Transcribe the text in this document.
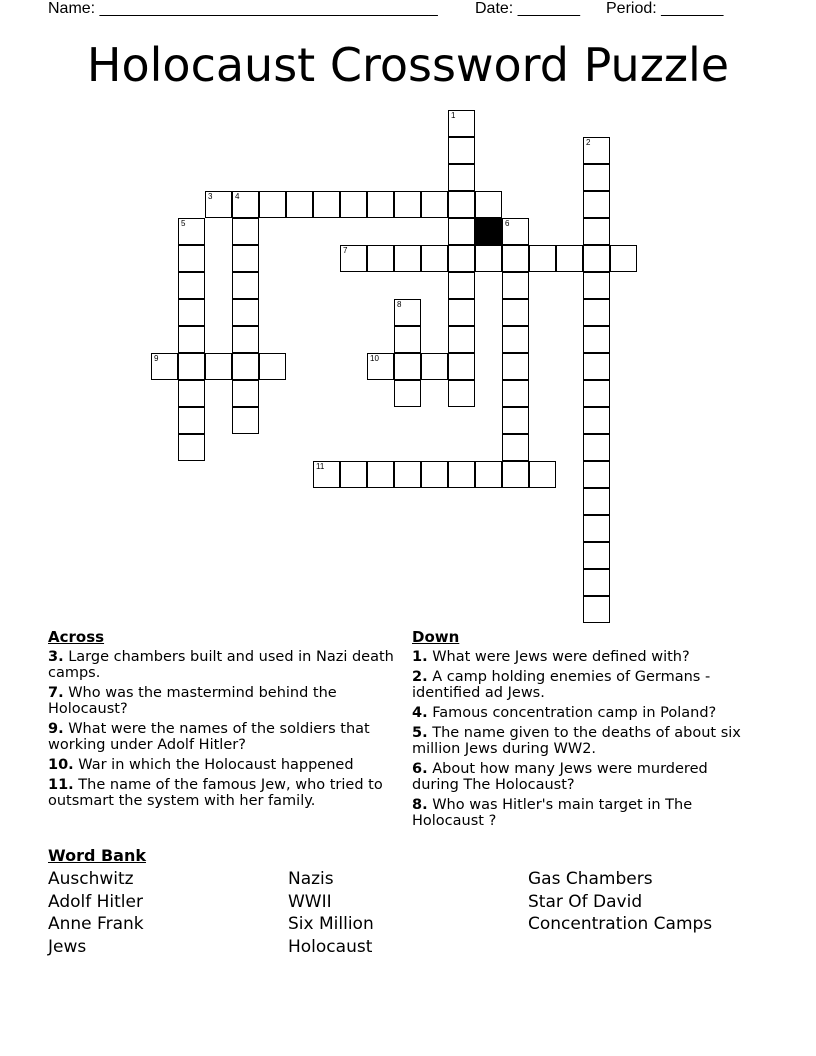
Name: ______________________________________ Date: _______ Period: _______
Holocaust Crossword Puzzle
1
2
3	4
5	6
7
8
9	10
11
Across
3. Large chambers built and used in Nazi death camps.
7. Who was the mastermind behind the Holocaust?
9. What were the names of the soldiers that working under Adolf Hitler?
10. War in which the Holocaust happened
11. The name of the famous Jew, who tried to outsmart the system with her family.
Down
1. What were Jews were defined with?
2. A camp holding enemies of Germans - identified ad Jews.
4. Famous concentration camp in Poland?
5. The name given to the deaths of about six million Jews during WW2.
6. About how many Jews were murdered during The Holocaust?
8. Who was Hitler's main target in The Holocaust ?
Word Bank
Auschwitz
Adolf Hitler
Anne Frank
Jews
Nazis
WWII
Six Million
Holocaust
Gas Chambers
Star Of David
Concentration Camps
